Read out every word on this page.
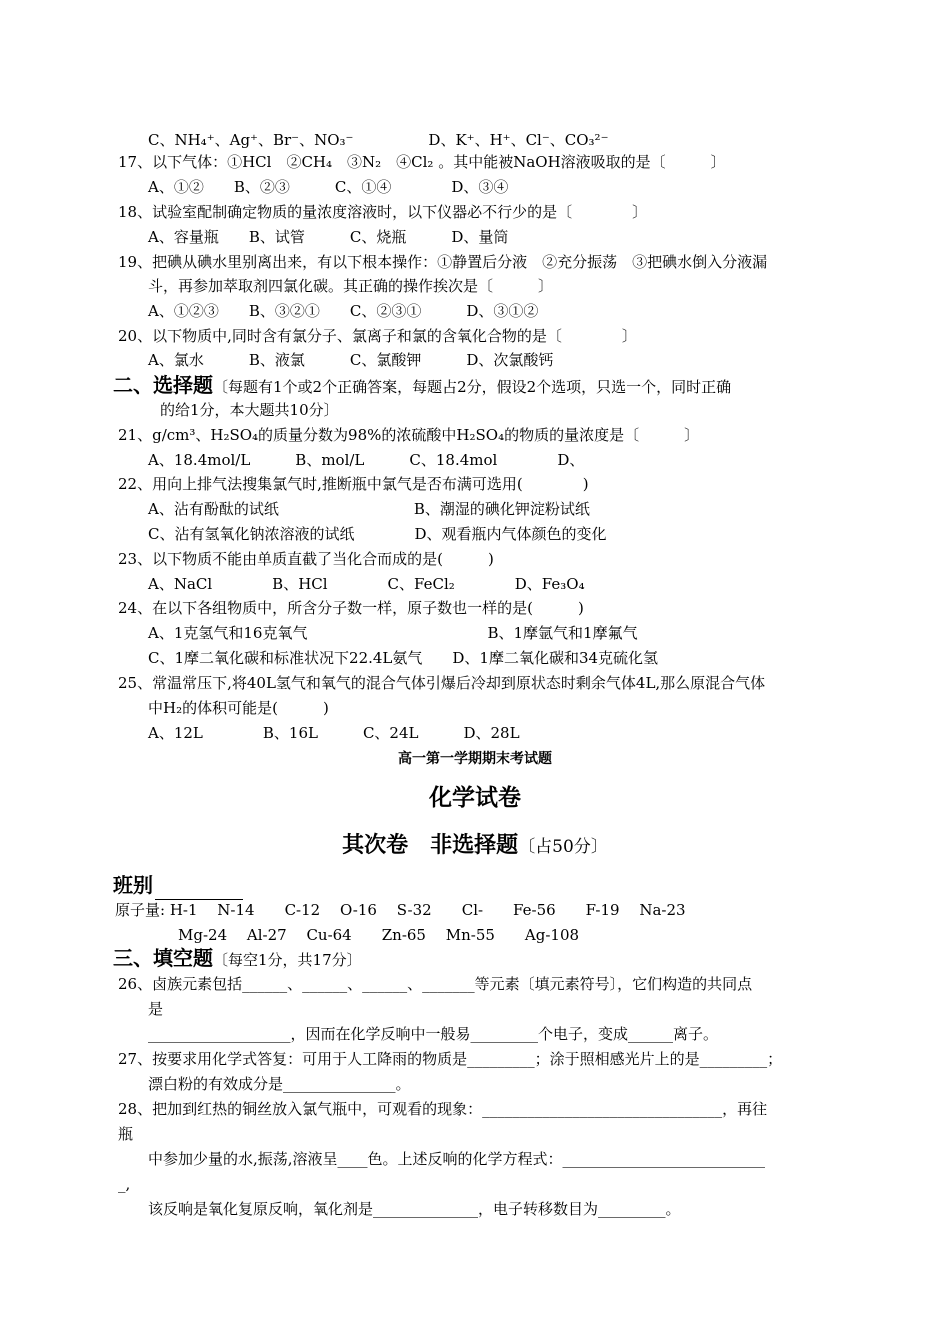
C、NH₄⁺、Ag⁺、Br⁻、NO₃⁻　　　　　D、K⁺、H⁺、Cl⁻、CO₃²⁻
17、以下气体：①HCl　②CH₄　③N₂　④Cl₂ 。其中能被NaOH溶液吸取的是〔　　　〕
A、①②　　B、②③　　　C、①④　　　　D、③④
18、试验室配制确定物质的量浓度溶液时，以下仪器必不行少的是〔　　　　〕
A、容量瓶　　B、试管　　　C、烧瓶　　　D、量筒
19、把碘从碘水里别离出来，有以下根本操作：①静置后分液　②充分振荡　③把碘水倒入分液漏
斗，再参加萃取剂四氯化碳。其正确的操作挨次是〔　　　〕
A、①②③　　B、③②①　　C、②③①　　　D、③①②
20、以下物质中,同时含有氯分子、氯离子和氯的含氧化合物的是〔　　　　〕
A、氯水　　　B、液氯　　　C、氯酸钾　　　D、次氯酸钙
二、选择题〔每题有1个或2个正确答案，每题占2分，假设2个选项，只选一个，同时正确
的给1分，本大题共10分〕
21、g/cm³、H₂SO₄的质量分数为98%的浓硫酸中H₂SO₄的物质的量浓度是〔　　　〕
A、18.4mol/L　　　B、mol/L　　　C、18.4mol　　　　D、
22、用向上排气法搜集氯气时,推断瓶中氯气是否布满可选用(　　　　)
A、沾有酚酞的试纸　　　　　　　　　B、潮湿的碘化钾淀粉试纸
C、沾有氢氧化钠浓溶液的试纸　　　　D、观看瓶内气体颜色的变化
23、以下物质不能由单质直截了当化合而成的是(　　　)
A、NaCl　　　　B、HCl　　　　C、FeCl₂　　　　D、Fe₃O₄
24、在以下各组物质中，所含分子数一样，原子数也一样的是(　　　)
A、1克氢气和16克氧气　　　　　　　　　　　　B、1摩氩气和1摩氟气
C、1摩二氧化碳和标准状况下22.4L氨气　　D、1摩二氧化碳和34克硫化氢
25、常温常压下,将40L氢气和氧气的混合气体引爆后冷却到原状态时剩余气体4L,那么原混合气体
中H₂的体积可能是(　　　)
A、12L　　　　B、16L　　　C、24L　　　D、28L
高一第一学期期末考试题
化学试卷
其次卷　非选择题〔占50分〕
班别
原子量: H-1　 N-14　　C-12　 O-16　 S-32　　Cl-　　Fe-56　　F-19　 Na-23
Mg-24　 Al-27　 Cu-64　　Zn-65　 Mn-55　　Ag-108
三、填空题〔每空1分，共17分〕
26、卤族元素包括______、______、______、_______等元素〔填元素符号〕，它们构造的共同点
是
___________________，因而在化学反响中一般易_________个电子，变成______离子。
27、按要求用化学式答复：可用于人工降雨的物质是_________；涂于照相感光片上的是_________；
漂白粉的有效成分是_______________。
28、把加到红热的铜丝放入氯气瓶中，可观看的现象：________________________________，再往
瓶
中参加少量的水,振荡,溶液呈____色。上述反响的化学方程式：___________________________
_,
该反响是氧化复原反响，氧化剂是______________，电子转移数目为_________。
